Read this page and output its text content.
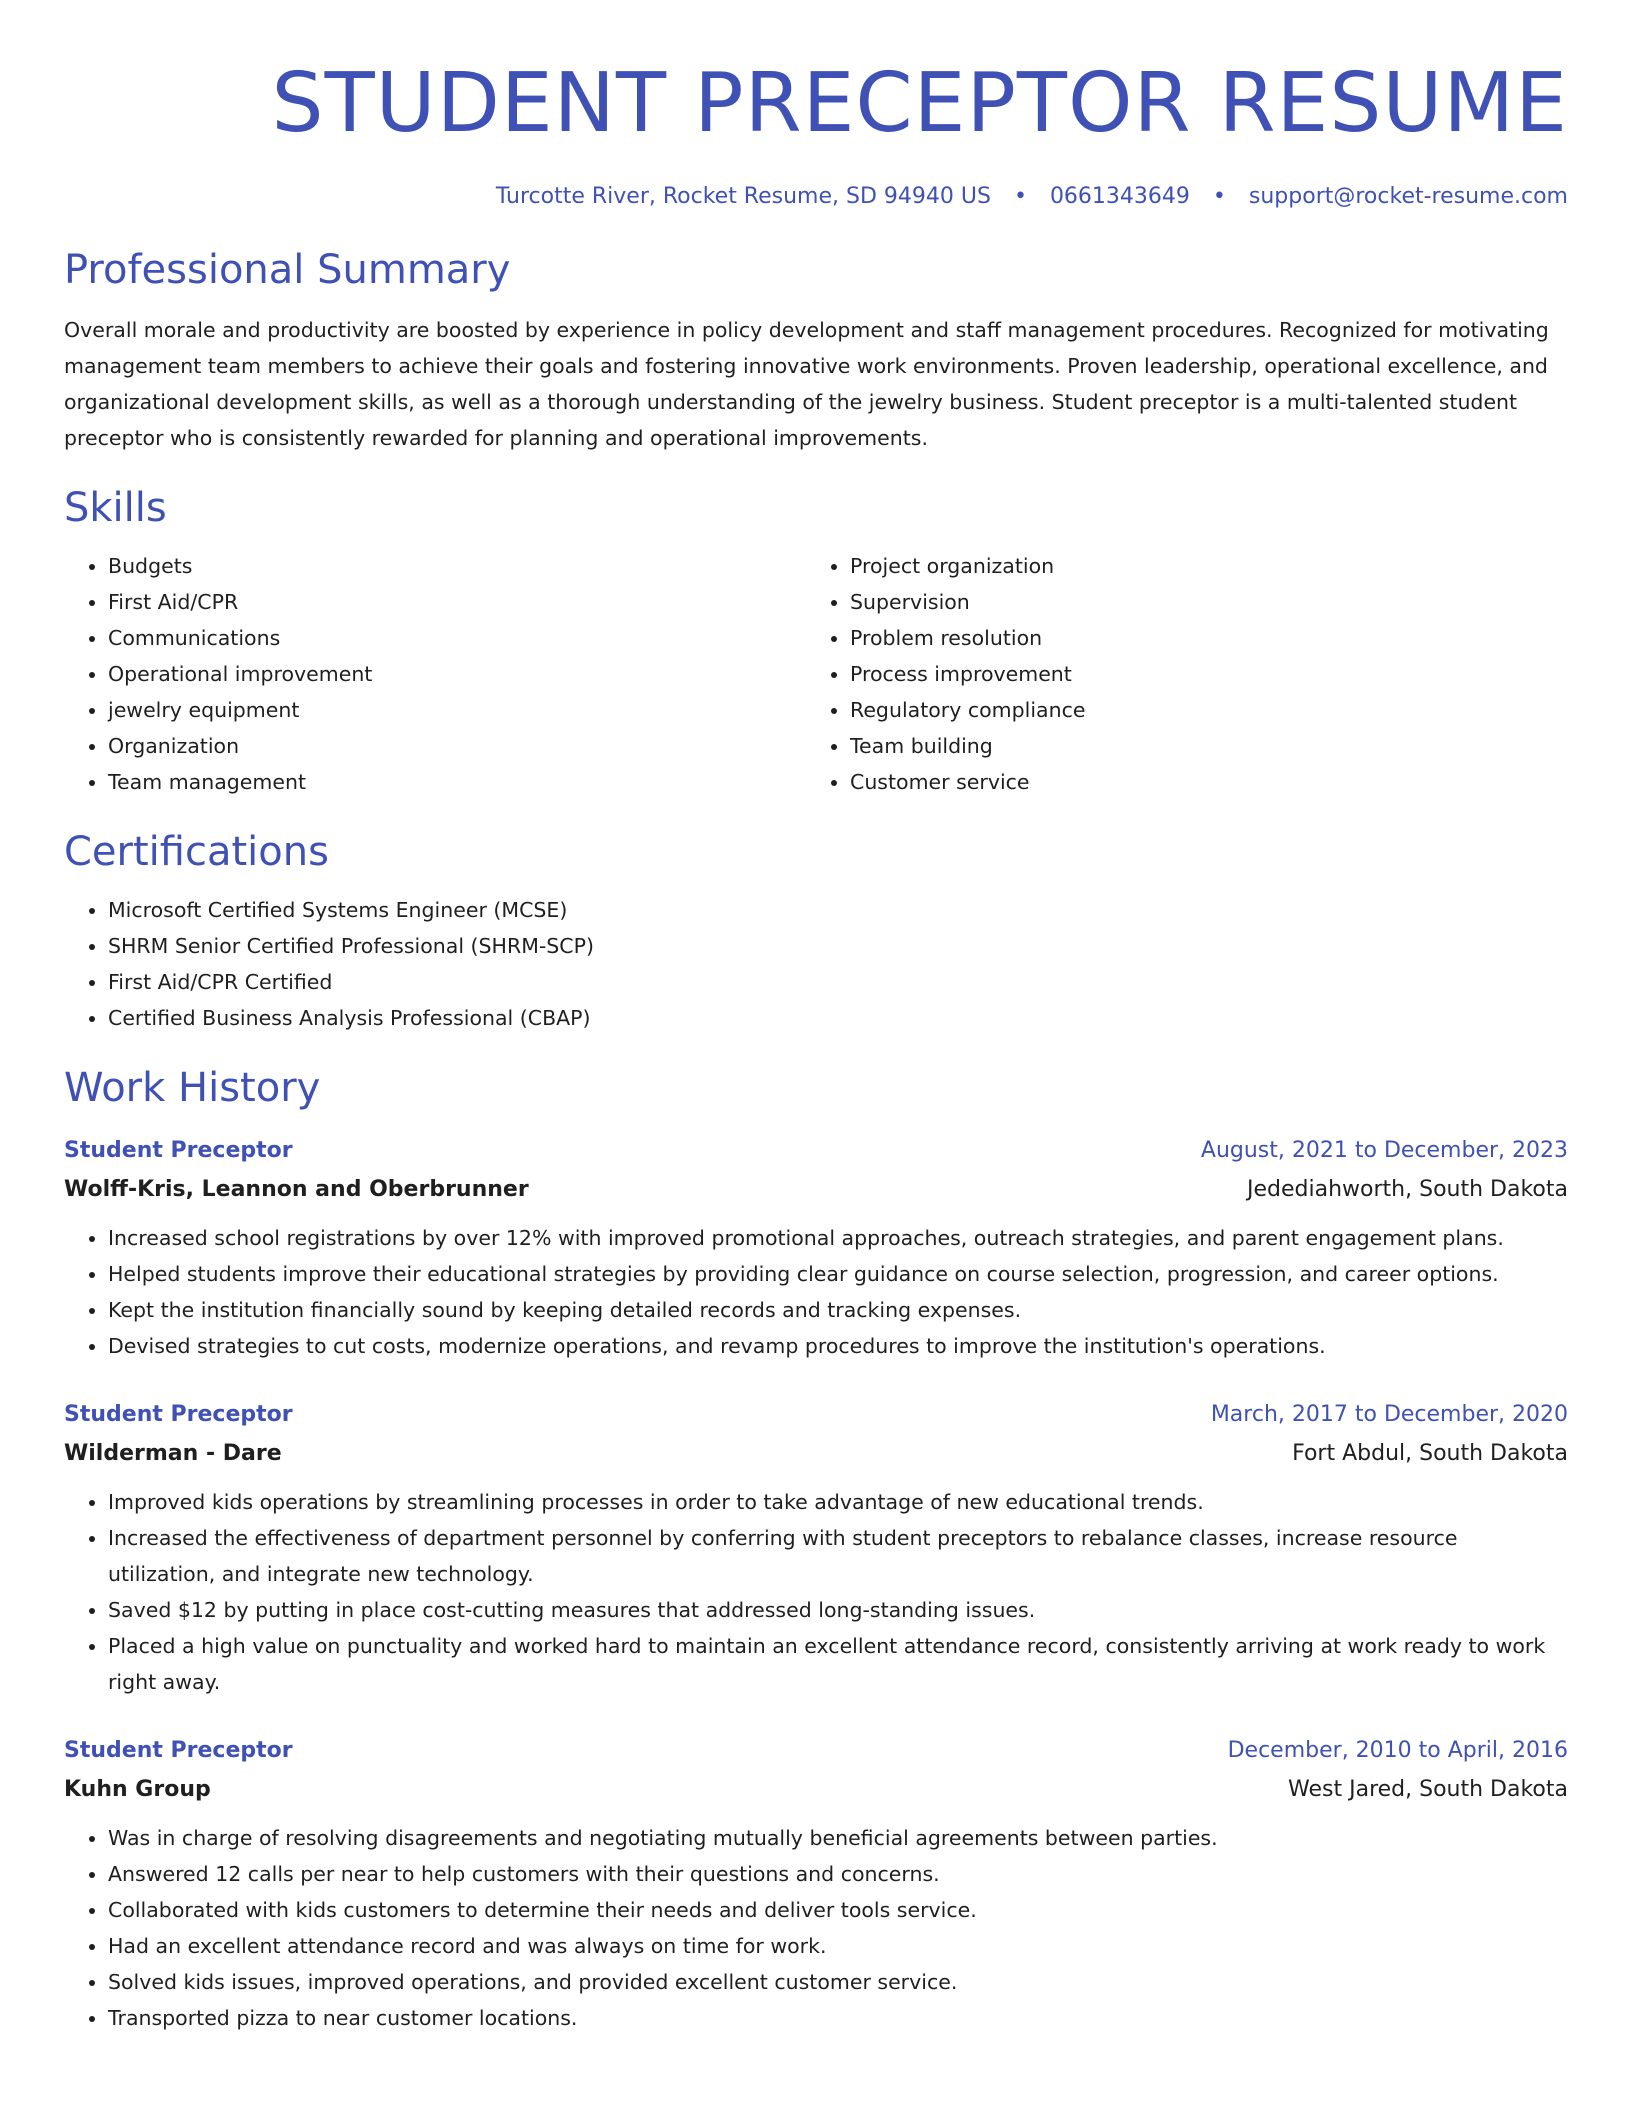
STUDENT PRECEPTOR RESUME
Turcotte River, Rocket Resume, SD 94940 US • 0661343649 • support@rocket-resume.com
Professional Summary
Overall morale and productivity are boosted by experience in policy development and staff management procedures. Recognized for motivating management team members to achieve their goals and fostering innovative work environments. Proven leadership, operational excellence, and organizational development skills, as well as a thorough understanding of the jewelry business. Student preceptor is a multi-talented student preceptor who is consistently rewarded for planning and operational improvements.
Skills
• Budgets
• First Aid/CPR
• Communications
• Operational improvement
• jewelry equipment
• Organization
• Team management
• Project organization
• Supervision
• Problem resolution
• Process improvement
• Regulatory compliance
• Team building
• Customer service
Certifications
• Microsoft Certified Systems Engineer (MCSE)
• SHRM Senior Certified Professional (SHRM-SCP)
• First Aid/CPR Certified
• Certified Business Analysis Professional (CBAP)
Work History
Student Preceptor	August, 2021 to December, 2023
Wolff-Kris, Leannon and Oberbrunner	Jedediahworth, South Dakota
• Increased school registrations by over 12% with improved promotional approaches, outreach strategies, and parent engagement plans.
• Helped students improve their educational strategies by providing clear guidance on course selection, progression, and career options.
• Kept the institution financially sound by keeping detailed records and tracking expenses.
• Devised strategies to cut costs, modernize operations, and revamp procedures to improve the institution's operations.
Student Preceptor	March, 2017 to December, 2020
Wilderman - Dare	Fort Abdul, South Dakota
• Improved kids operations by streamlining processes in order to take advantage of new educational trends.
• Increased the effectiveness of department personnel by conferring with student preceptors to rebalance classes, increase resource utilization, and integrate new technology.
• Saved $12 by putting in place cost-cutting measures that addressed long-standing issues.
• Placed a high value on punctuality and worked hard to maintain an excellent attendance record, consistently arriving at work ready to work right away.
Student Preceptor	December, 2010 to April, 2016
Kuhn Group	West Jared, South Dakota
• Was in charge of resolving disagreements and negotiating mutually beneficial agreements between parties.
• Answered 12 calls per near to help customers with their questions and concerns.
• Collaborated with kids customers to determine their needs and deliver tools service.
• Had an excellent attendance record and was always on time for work.
• Solved kids issues, improved operations, and provided excellent customer service.
• Transported pizza to near customer locations.
